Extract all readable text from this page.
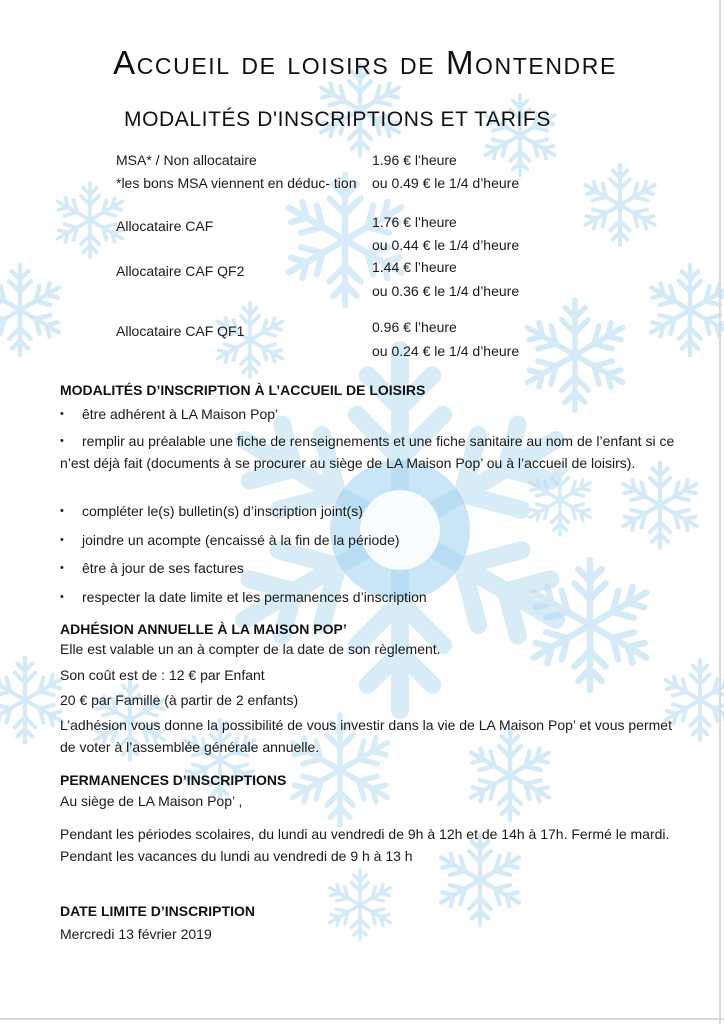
Accueil de loisirs de Montendre
MODALITÉS D'INSCRIPTIONS ET TARIFS
MSA* / Non allocataire	1.96 € l’heure
*les bons MSA viennent en déduc- tion	ou 0.49 € le 1/4 d’heure
Allocataire CAF	1.76 € l’heure
ou 0.44 € le 1/4 d’heure
Allocataire CAF QF2	1.44 € l’heure
ou 0.36 € le 1/4 d’heure
Allocataire CAF QF1	0.96 € l’heure
ou 0.24 € le 1/4 d’heure
MODALITÉS D’INSCRIPTION À L’ACCUEIL DE LOISIRS
• être adhérent à LA Maison Pop’
• remplir au préalable une fiche de renseignements et une fiche sanitaire au nom de l’enfant si ce n’est déjà fait (documents à se procurer au siège de LA Maison Pop’ ou à l’accueil de loisirs).
• compléter le(s) bulletin(s) d’inscription joint(s)
• joindre un acompte (encaissé à la fin de la période)
• être à jour de ses factures
• respecter la date limite et les permanences d’inscription
ADHÉSION ANNUELLE À LA MAISON POP’
Elle est valable un an à compter de la date de son règlement.
Son coût est de : 12 € par Enfant
20 € par Famille (à partir de 2 enfants)
L’adhésion vous donne la possibilité de vous investir dans la vie de LA Maison Pop’ et vous permet de voter à l’assemblée générale annuelle.
PERMANENCES D’INSCRIPTIONS
Au siège de LA Maison Pop’ ,
Pendant les périodes scolaires, du lundi au vendredi de 9h à 12h et de 14h à 17h. Fermé le mardi. Pendant les vacances du lundi au vendredi de 9 h à 13 h
DATE LIMITE D’INSCRIPTION
Mercredi 13 février 2019
